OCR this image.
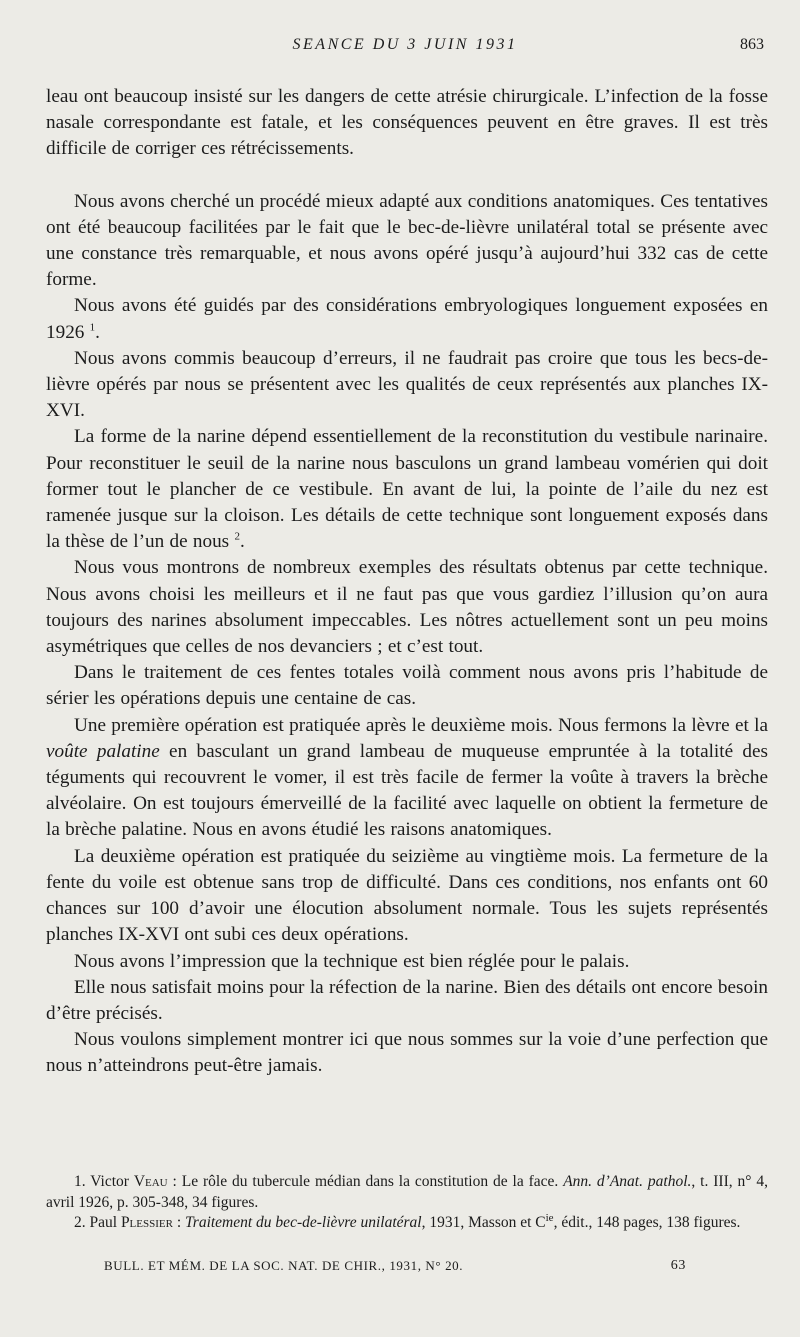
SEANCE DU 3 JUIN 1931	863

leau ont beaucoup insisté sur les dangers de cette atrésie chirurgicale. L’infection de la fosse nasale correspondante est fatale, et les conséquences peuvent en être graves. Il est très difficile de corriger ces rétrécissements.

Nous avons cherché un procédé mieux adapté aux conditions anatomiques. Ces tentatives ont été beaucoup facilitées par le fait que le bec-de-lièvre unilatéral total se présente avec une constance très remarquable, et nous avons opéré jusqu’à aujourd’hui 332 cas de cette forme.

Nous avons été guidés par des considérations embryologiques longuement exposées en 1926 $^1$.

Nous avons commis beaucoup d’erreurs, il ne faudrait pas croire que tous les becs-de-lièvre opérés par nous se présentent avec les qualités de ceux représentés aux planches IX-XVI.

La forme de la narine dépend essentiellement de la reconstitution du vestibule narinaire. Pour reconstituer le seuil de la narine nous basculons un grand lambeau vomérien qui doit former tout le plancher de ce vestibule. En avant de lui, la pointe de l’aile du nez est ramenée jusque sur la cloison. Les détails de cette technique sont longuement exposés dans la thèse de l’un de nous $^2$.

Nous vous montrons de nombreux exemples des résultats obtenus par cette technique. Nous avons choisi les meilleurs et il ne faut pas que vous gardiez l’illusion qu’on aura toujours des narines absolument impeccables. Les nôtres actuellement sont un peu moins asymétriques que celles de nos devanciers ; et c’est tout.

Dans le traitement de ces fentes totales voilà comment nous avons pris l’habitude de sérier les opérations depuis une centaine de cas.

Une première opération est pratiquée après le deuxième mois. Nous fermons la lèvre et la voûte palatine en basculant un grand lambeau de muqueuse empruntée à la totalité des téguments qui recouvrent le vomer, il est très facile de fermer la voûte à travers la brèche alvéolaire. On est toujours émerveillé de la facilité avec laquelle on obtient la fermeture de la brèche palatine. Nous en avons étudié les raisons anatomiques.

La deuxième opération est pratiquée du seizième au vingtième mois. La fermeture de la fente du voile est obtenue sans trop de difficulté. Dans ces conditions, nos enfants ont 60 chances sur 100 d’avoir une élocution absolument normale. Tous les sujets représentés planches IX-XVI ont subi ces deux opérations.

Nous avons l’impression que la technique est bien réglée pour le palais.

Elle nous satisfait moins pour la réfection de la narine. Bien des détails ont encore besoin d’être précisés.

Nous voulons simplement montrer ici que nous sommes sur la voie d’une perfection que nous n’atteindrons peut-être jamais.

1. Victor Veau : Le rôle du tubercule médian dans la constitution de la face. Ann. d’Anat. pathol., t. III, n° 4, avril 1926, p. 305-348, 34 figures.

2. Paul Plessier : Traitement du bec-de-lièvre unilatéral, 1931, Masson et $C^{ie}$, édit., 148 pages, 138 figures.

BULL. ET MÉM. DE LA SOC. NAT. DE CHIR., 1931, N° 20.	63
